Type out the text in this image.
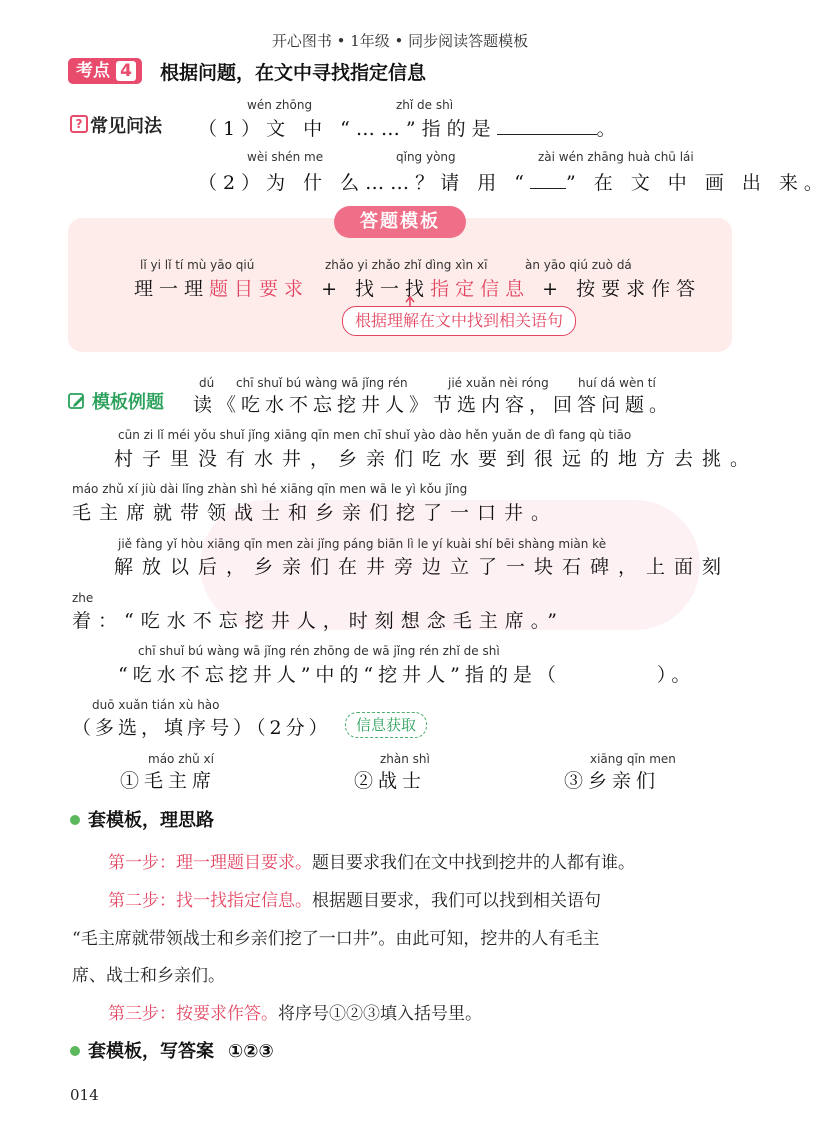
开心图书 • 1年级 • 同步阅读答题模板
考点 4 根据问题，在文中寻找指定信息
? 常见问法
wén zhōng	zhǐ de shì
（1）文 中 “……”指的是	。
wèi shén me	qǐng yòng	zài wén zhāng huà chū lái
（2）为 什 么……？请 用 “ ” 在 文 中 画 出 来。
答题模板
lǐ yi lǐ tí mù yāo qiú	zhǎo yi zhǎo zhǐ dìng xìn xī	àn yāo qiú zuò dá
理一理题目要求 + 找一找指定信息 + 按要求作答
根据理解在文中找到相关语句
模板例题
dú chī shuǐ bú wàng wā jǐng rén	jié xuǎn nèi róng huí dá wèn tí
读《吃水不忘挖井人》节选内容，回答问题。
cūn zi lǐ méi yǒu shuǐ jǐng xiāng qīn men chī shuǐ yào dào hěn yuǎn de dì fang qù tiāo
村子里没有水井，乡亲们吃水要到很远的地方去挑。
máo zhǔ xí jiù dài lǐng zhàn shì hé xiāng qīn men wā le yì kǒu jǐng
毛主席就带领战士和乡亲们挖了一口井。
jiě fàng yǐ hòu xiāng qīn men zài jǐng páng biān lì le yí kuài shí bēi shàng miàn kè
解放以后，乡亲们在井旁边立了一块石碑，上面刻
zhe
着：“吃水不忘挖井人，时刻想念毛主席。”
chī shuǐ bú wàng wā jǐng rén zhōng de wā jǐng rén zhǐ de shì
“吃水不忘挖井人”中的“挖井人”指的是（　　　　）。
duō xuǎn tián xù hào
（多选，填序号）（2分）	信息获取
máo zhǔ xí
①毛主席
zhàn shì
②战士
xiāng qīn men
③乡亲们
套模板，理思路
第一步：理一理题目要求。题目要求我们在文中找到挖井的人都有谁。
第二步：找一找指定信息。根据题目要求，我们可以找到相关语句
“毛主席就带领战士和乡亲们挖了一口井”。由此可知，挖井的人有毛主
席、战士和乡亲们。
第三步：按要求作答。将序号①②③填入括号里。
套模板，写答案 ①②③
014
